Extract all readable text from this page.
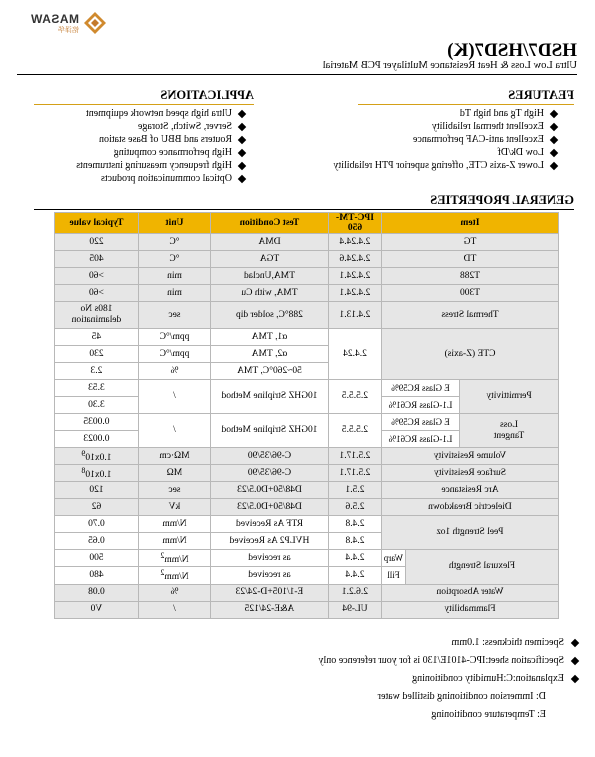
MASAW
铭泽华
HSD7/HSD7(K)
Ultra Low Loss & Heat Resistance Multilayer PCB Material
FEATURES
High Tg and high Td
Excellent thermal reliability
Excellent anti-CAF performance
Low Dk/Df
Lower Z-axis CTE, offering superior PTH reliability
APPLICATIONS
Ultra high speed network equipment
Server, Switch, Storage
Routers and BBU of Base station
High performance computing
High frequency measuring instruments
Optical communication products
GENERAL PROPERTIES
Item			IPC-TM-650	Test Condition	Unit	Typical value
TG			2.4.24.4	DMA	°C	220
TD			2.4.24.6	TGA	°C	405
T288			2.4.24.1	TMA,Unclad	min	>60
T300			2.4.24.1	TMA, with Cu	min	>60
Thermal Stress			2.4.13.1	288°C, solder dip	sec	180s No
delamination
CTE (Z-axis)			2.4.24	α1, TMA	ppm/°C	45
				α2, TMA	ppm/°C	230
				50~260°C, TMA	%	2.3
Permittivity	E Glass RC59%		2.5.5.5	10GHZ Stripline Method	/	3.53
	L1-Glass RC61%					3.30
Loss
Tangent	E Glass RC59%		2.5.5.5	10GHZ Stripline Method	/	0.0035
	L1-Glass RC61%					0.0023
Volume Resistivity			2.5.17.1	C-96/35/90	MΩ·cm	$1.0x10^9$
Surface Resistivity			2.5.17.1	C-96/35/90	MΩ	$1.0x10^8$
Arc Resistance			2.5.1	D48/50+D0.5/23	sec	120
Dielectric Breakdown			2.5.6	D48/50+D0.5/23	kV	62
Peel Strength 1oz			2.4.8	RTF As Received	N/mm	0.70
			2.4.8	HVLP2 As Received	N/mm	0.65
Flexural Strength		Warp	2.4.4	as received	$N/mm^2$	500
		Fill	2.4.4	as received	$N/mm^2$	480
Water Absorption			2.6.2.1	E-1/105+D-24/23	%	0.08
Flammability			UL-94	A&E-24/125	/	V0
Specimen thickness: 1.0mm
Specification sheet:IPC-4101E/130 is for your reference only
Explanation:C:Humidity conditioning
D: Immersion conditioning distilled water
E: Temperature conditioning
